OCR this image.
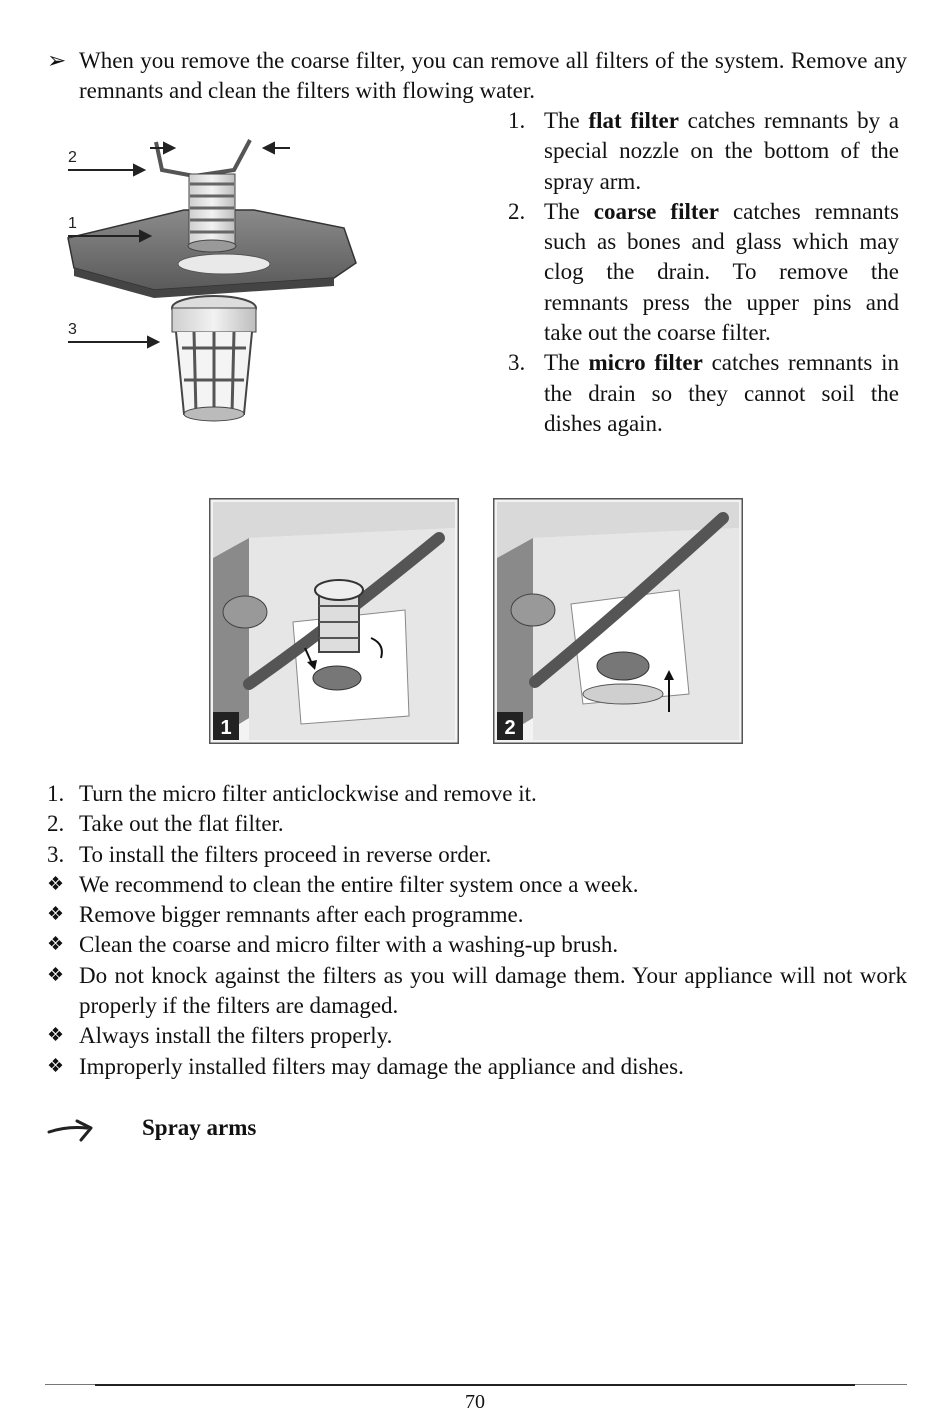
➢ When you remove the coarse filter, you can remove all filters of the system. Remove any remnants and clean the filters with flowing water.
2
1
3
1. The flat filter catches remnants by a special nozzle on the bottom of the spray arm.
2. The coarse filter catches remnants such as bones and glass which may clog the drain. To remove the remnants press the upper pins and take out the coarse filter.
3. The micro filter catches remnants in the drain so they cannot soil the dishes again.
1	2
1. Turn the micro filter anticlockwise and remove it.
2. Take out the flat filter.
3. To install the filters proceed in reverse order.
❖ We recommend to clean the entire filter system once a week.
❖ Remove bigger remnants after each programme.
❖ Clean the coarse and micro filter with a washing-up brush.
❖ Do not knock against the filters as you will damage them. Your appliance will not work properly if the filters are damaged.
❖ Always install the filters properly.
❖ Improperly installed filters may damage the appliance and dishes.
Spray arms
70
